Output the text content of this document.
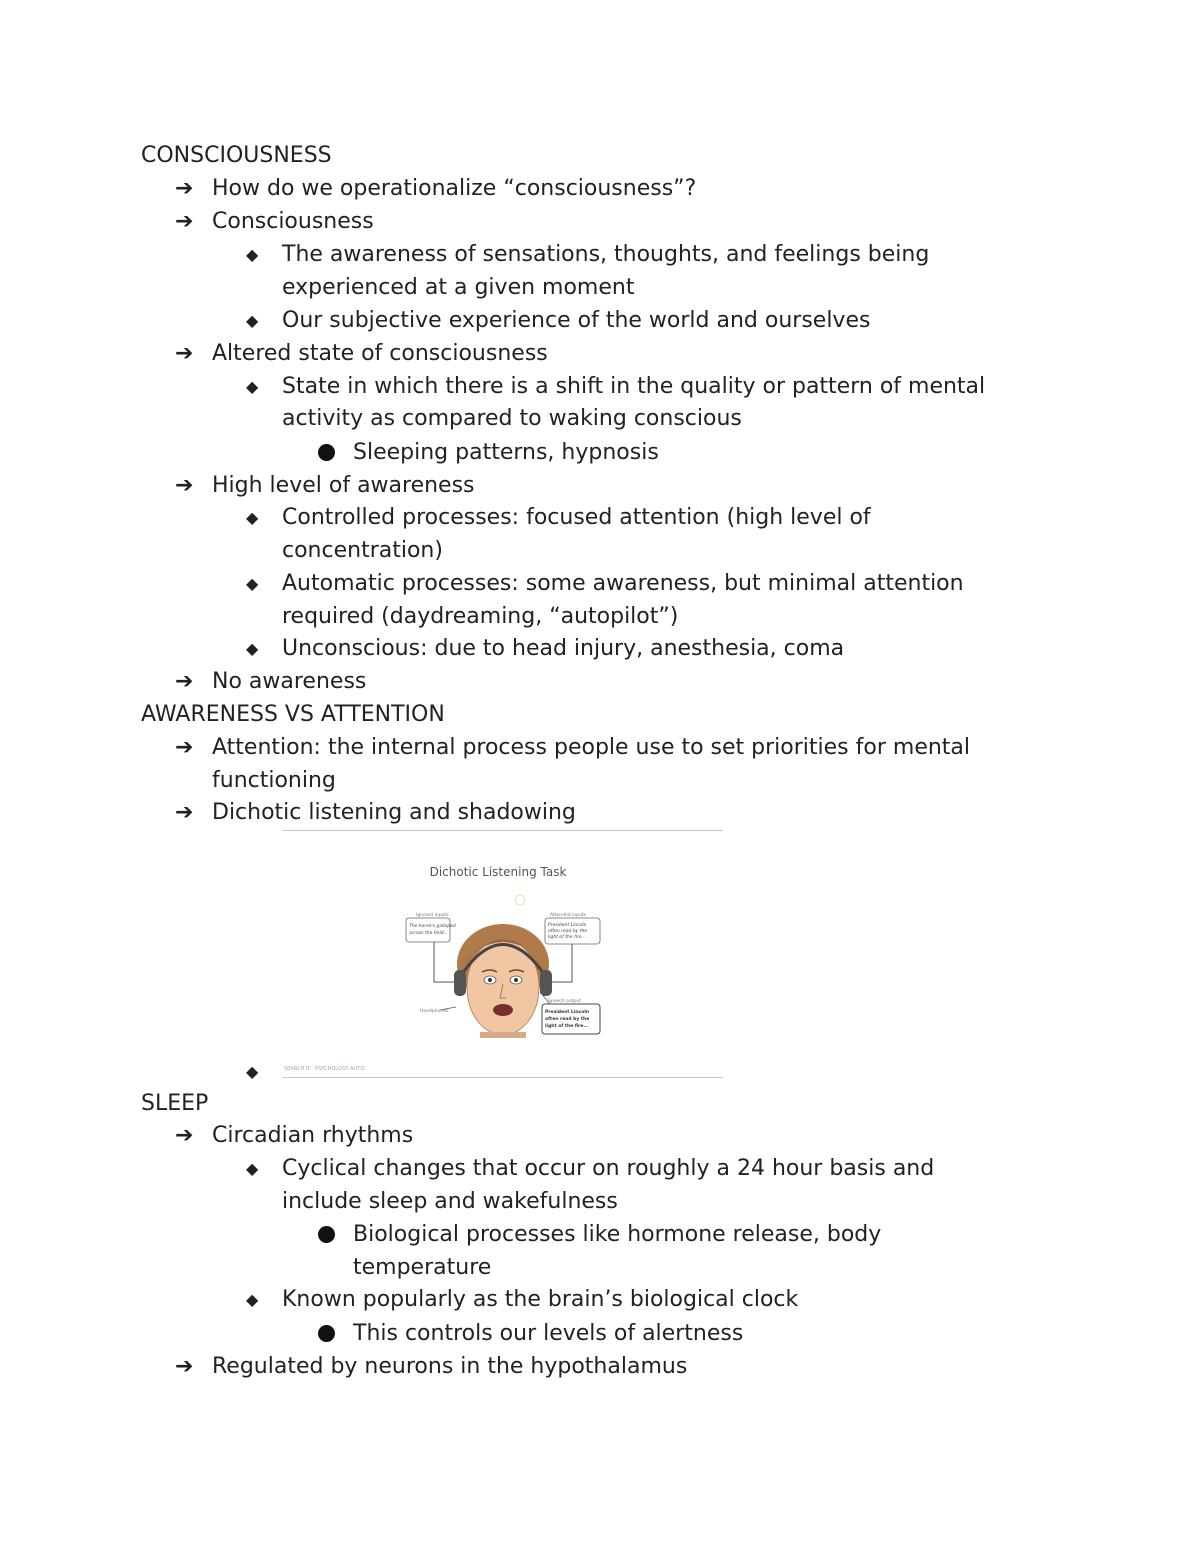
CONSCIOUSNESS
➔ How do we operationalize “consciousness”?
➔ Consciousness
◆ The awareness of sensations, thoughts, and feelings being
experienced at a given moment
◆ Our subjective experience of the world and ourselves
➔ Altered state of consciousness
◆ State in which there is a shift in the quality or pattern of mental
activity as compared to waking conscious
Sleeping patterns, hypnosis
➔ High level of awareness
◆ Controlled processes: focused attention (high level of
concentration)
◆ Automatic processes: some awareness, but minimal attention
required (daydreaming, “autopilot”)
◆ Unconscious: due to head injury, anesthesia, coma
➔ No awareness
AWARENESS VS ATTENTION
➔ Attention: the internal process people use to set priorities for mental
functioning
➔ Dichotic listening and shadowing
Dichotic Listening Task
Ignored inputs
The horse's galloped
across the field...
Attended inputs
President Lincoln
often read by the
light of the fire...
Headphones
Speech output
President Lincoln
often read by the
light of the fire...
◆	SEARCH IT · PSYCHOLOGY AUTO
SLEEP
➔ Circadian rhythms
◆ Cyclical changes that occur on roughly a 24 hour basis and
include sleep and wakefulness
Biological processes like hormone release, body
temperature
◆ Known popularly as the brain’s biological clock
This controls our levels of alertness
➔ Regulated by neurons in the hypothalamus
